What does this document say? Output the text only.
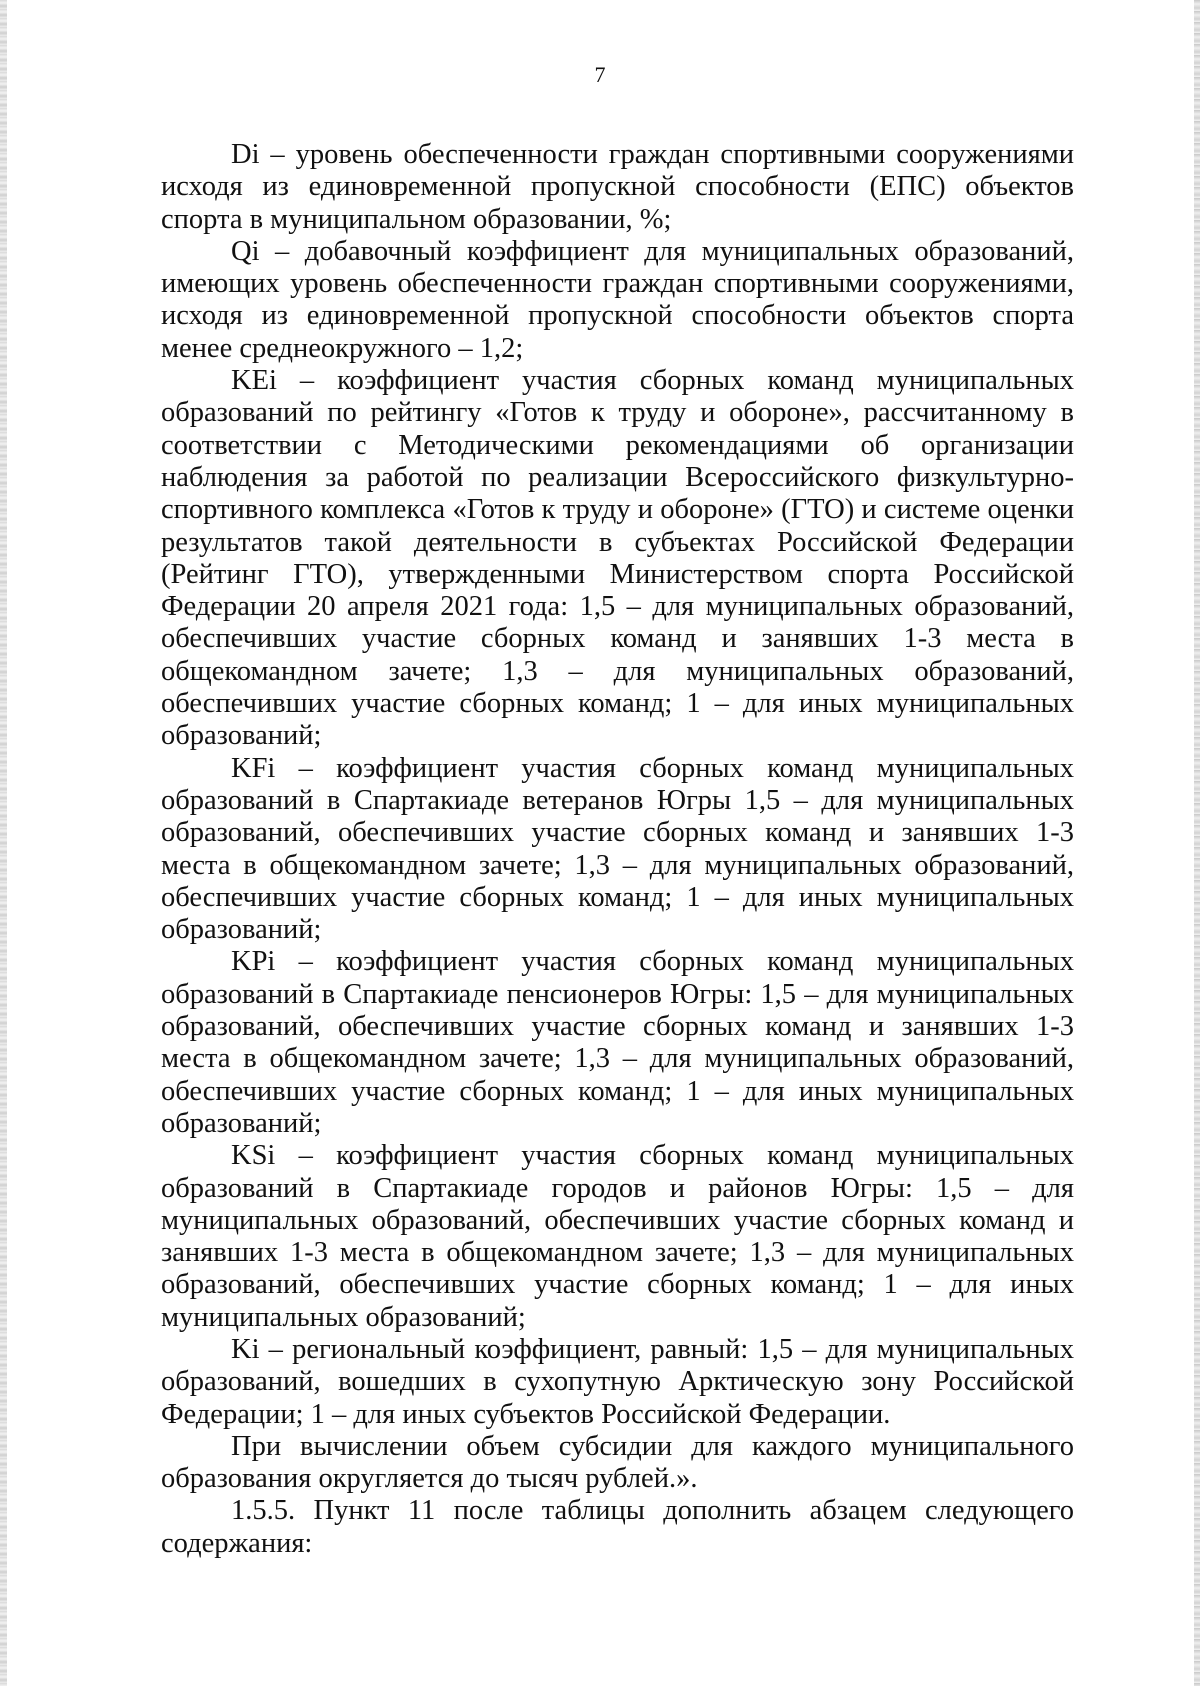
7

Di – уровень обеспеченности граждан спортивными сооружениями исходя из единовременной пропускной способности (ЕПС) объектов спорта в муниципальном образовании, %;

Qi – добавочный коэффициент для муниципальных образований, имеющих уровень обеспеченности граждан спортивными сооружениями, исходя из единовременной пропускной способности объектов спорта менее среднеокружного – 1,2;

KEi – коэффициент участия сборных команд муниципальных образований по рейтингу «Готов к труду и обороне», рассчитанному в соответствии с Методическими рекомендациями об организации наблюдения за работой по реализации Всероссийского физкультурно-спортивного комплекса «Готов к труду и обороне» (ГТО) и системе оценки результатов такой деятельности в субъектах Российской Федерации (Рейтинг ГТО), утвержденными Министерством спорта Российской Федерации 20 апреля 2021 года: 1,5 – для муниципальных образований, обеспечивших участие сборных команд и занявших 1-3 места в общекомандном зачете; 1,3 – для муниципальных образований, обеспечивших участие сборных команд; 1 – для иных муниципальных образований;

KFi – коэффициент участия сборных команд муниципальных образований в Спартакиаде ветеранов Югры 1,5 – для муниципальных образований, обеспечивших участие сборных команд и занявших 1-3 места в общекомандном зачете; 1,3 – для муниципальных образований, обеспечивших участие сборных команд; 1 – для иных муниципальных образований;

KPi – коэффициент участия сборных команд муниципальных образований в Спартакиаде пенсионеров Югры: 1,5 – для муниципальных образований, обеспечивших участие сборных команд и занявших 1-3 места в общекомандном зачете; 1,3 – для муниципальных образований, обеспечивших участие сборных команд; 1 – для иных муниципальных образований;

KSi – коэффициент участия сборных команд муниципальных образований в Спартакиаде городов и районов Югры: 1,5 – для муниципальных образований, обеспечивших участие сборных команд и занявших 1-3 места в общекомандном зачете; 1,3 – для муниципальных образований, обеспечивших участие сборных команд; 1 – для иных муниципальных образований;

Ki – региональный коэффициент, равный: 1,5 – для муниципальных образований, вошедших в сухопутную Арктическую зону Российской Федерации; 1 – для иных субъектов Российской Федерации.

При вычислении объем субсидии для каждого муниципального образования округляется до тысяч рублей.».

1.5.5. Пункт 11 после таблицы дополнить абзацем следующего содержания:
